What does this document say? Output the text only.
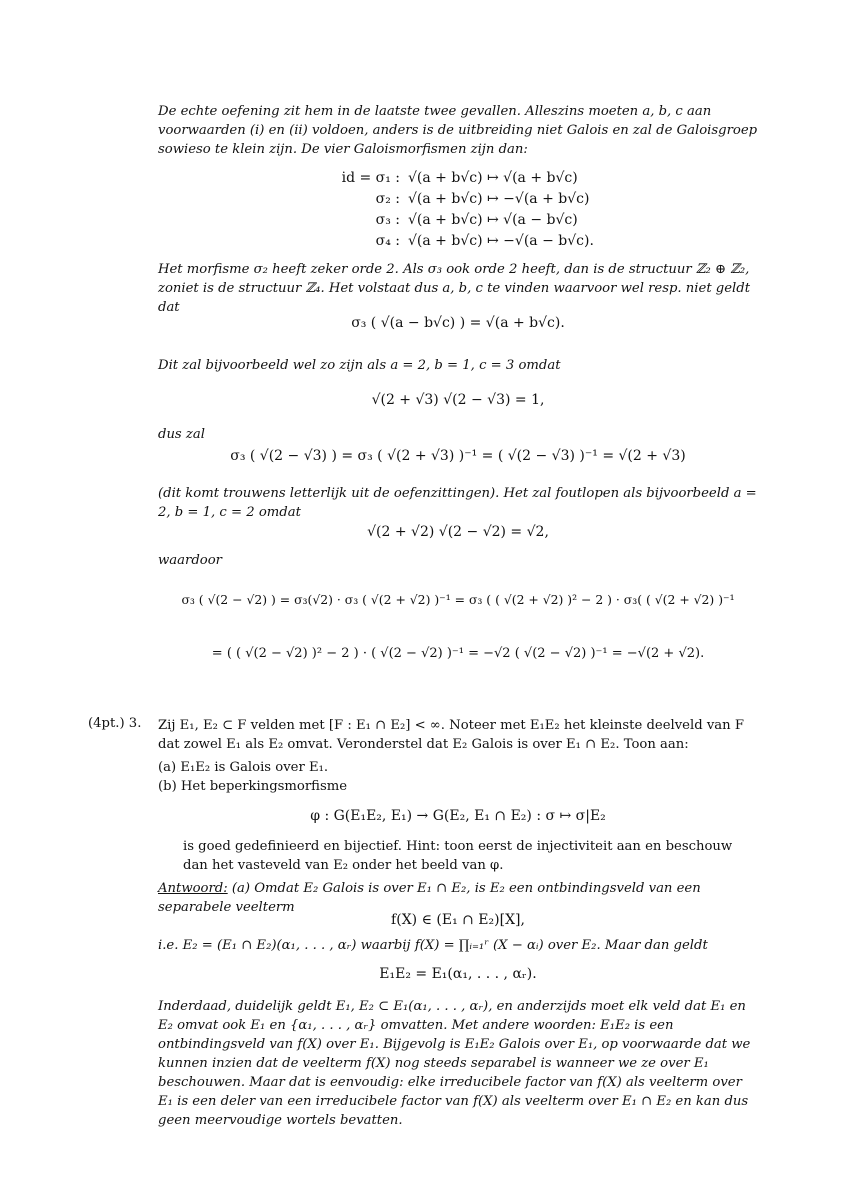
De echte oefening zit hem in de laatste twee gevallen. Alleszins moeten a, b, c aan voorwaarden (i) en (ii) voldoen, anders is de uitbreiding niet Galois en zal de Galoisgroep sowieso te klein zijn. De vier Galoismorfismen zijn dan:

id = σ₁ : √(a + b√c) ↦ √(a + b√c)
σ₂ : √(a + b√c) ↦ −√(a + b√c)
σ₃ : √(a + b√c) ↦ √(a − b√c)
σ₄ : √(a + b√c) ↦ −√(a − b√c).

Het morfisme σ₂ heeft zeker orde 2. Als σ₃ ook orde 2 heeft, dan is de structuur ℤ₂ ⊕ ℤ₂, zoniet is de structuur ℤ₄. Het volstaat dus a, b, c te vinden waarvoor wel resp. niet geldt dat

σ₃ ( √(a − b√c) ) = √(a + b√c).

Dit zal bijvoorbeeld wel zo zijn als a = 2, b = 1, c = 3 omdat

√(2 + √3) √(2 − √3) = 1,

dus zal

σ₃ ( √(2 − √3) ) = σ₃ ( √(2 + √3) )⁻¹ = ( √(2 − √3) )⁻¹ = √(2 + √3)

(dit komt trouwens letterlijk uit de oefenzittingen). Het zal foutlopen als bijvoorbeeld a = 2, b = 1, c = 2 omdat

√(2 + √2) √(2 − √2) = √2,

waardoor

σ₃ ( √(2 − √2) ) = σ₃(√2) · σ₃ ( √(2 + √2) )⁻¹ = σ₃ ( ( √(2 + √2) )² − 2 ) · σ₃( ( √(2 + √2) )⁻¹

= ( ( √(2 − √2) )² − 2 ) · ( √(2 − √2) )⁻¹ = −√2 ( √(2 − √2) )⁻¹ = −√(2 + √2).

(4pt.) 3. Zij E₁, E₂ ⊂ F velden met [F : E₁ ∩ E₂] < ∞. Noteer met E₁E₂ het kleinste deelveld van F dat zowel E₁ als E₂ omvat. Veronderstel dat E₂ Galois is over E₁ ∩ E₂. Toon aan:

(a) E₁E₂ is Galois over E₁.

(b) Het beperkingsmorfisme

φ : G(E₁E₂, E₁) → G(E₂, E₁ ∩ E₂) : σ ↦ σ|E₂

is goed gedefinieerd en bijectief. Hint: toon eerst de injectiviteit aan en beschouw dan het vasteveld van E₂ onder het beeld van φ.

Antwoord: (a) Omdat E₂ Galois is over E₁ ∩ E₂, is E₂ een ontbindingsveld van een separabele veelterm

f(X) ∈ (E₁ ∩ E₂)[X],

i.e. E₂ = (E₁ ∩ E₂)(α₁, . . . , αᵣ) waarbij f(X) = ∏ᵢ₌₁ʳ (X − αᵢ) over E₂. Maar dan geldt

E₁E₂ = E₁(α₁, . . . , αᵣ).

Inderdaad, duidelijk geldt E₁, E₂ ⊂ E₁(α₁, . . . , αᵣ), en anderzijds moet elk veld dat E₁ en E₂ omvat ook E₁ en {α₁, . . . , αᵣ} omvatten. Met andere woorden: E₁E₂ is een ontbindingsveld van f(X) over E₁. Bijgevolg is E₁E₂ Galois over E₁, op voorwaarde dat we kunnen inzien dat de veelterm f(X) nog steeds separabel is wanneer we ze over E₁ beschouwen. Maar dat is eenvoudig: elke irreducibele factor van f(X) als veelterm over E₁ is een deler van een irreducibele factor van f(X) als veelterm over E₁ ∩ E₂ en kan dus geen meervoudige wortels bevatten.
